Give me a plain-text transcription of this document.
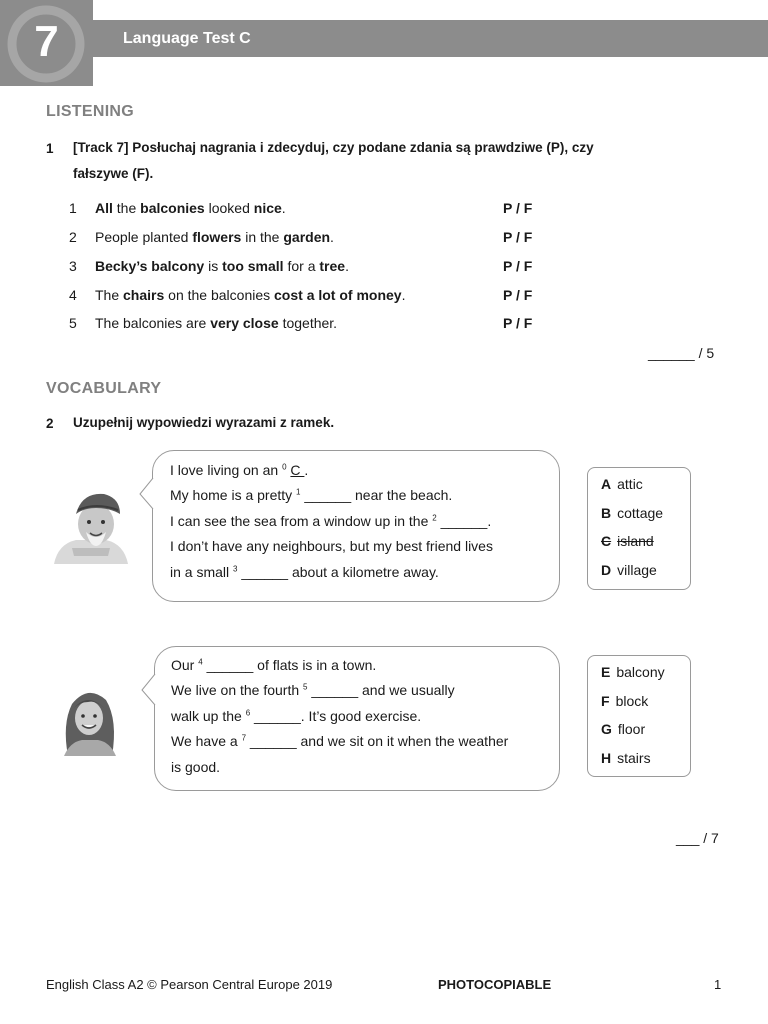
7	Language Test C
LISTENING
1 [Track 7] Posłuchaj nagrania i zdecyduj, czy podane zdania są prawdziwe (P), czy
fałszywe (F).
1 All the balconies looked nice.	P / F
2 People planted flowers in the garden.	P / F
3 Becky’s balcony is too small for a tree.	P / F
4 The chairs on the balconies cost a lot of money.	P / F
5 The balconies are very close together.	P / F
______ / 5
VOCABULARY
2 Uzupełnij wypowiedzi wyrazami z ramek.
I love living on an $^0$ C .
My home is a pretty $^1$ ______ near the beach.
I can see the sea from a window up in the $^2$ ______.
I don’t have any neighbours, but my best friend lives
in a small $^3$ ______ about a kilometre away.
A attic
B cottage
C island
D village
Our $^4$ ______ of flats is in a town.
We live on the fourth $^5$ ______ and we usually
walk up the $^6$ ______. It’s good exercise.
We have a $^7$ ______ and we sit on it when the weather
is good.
E balcony
F block
G floor
H stairs
___ / 7
English Class A2 © Pearson Central Europe 2019	PHOTOCOPIABLE	1
